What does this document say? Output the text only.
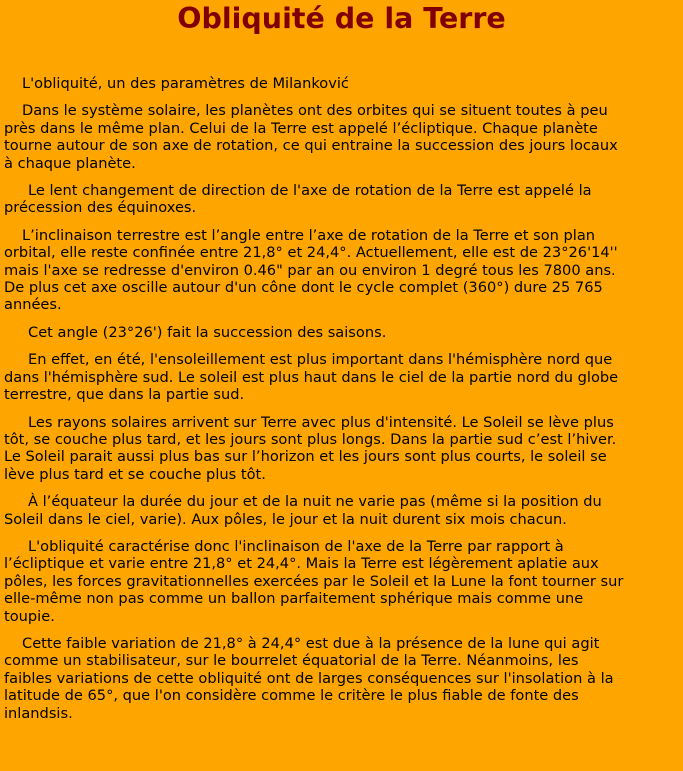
Obliquité de la Terre
L'obliquité, un des paramètres de Milanković
Dans le système solaire, les planètes ont des orbites qui se situent toutes à peu
près dans le même plan. Celui de la Terre est appelé l’écliptique. Chaque planète
tourne autour de son axe de rotation, ce qui entraine la succession des jours locaux
à chaque planète.
Le lent changement de direction de l'axe de rotation de la Terre est appelé la
précession des équinoxes.
L’inclinaison terrestre est l’angle entre l’axe de rotation de la Terre et son plan
orbital, elle reste confinée entre 21,8° et 24,4°. Actuellement, elle est de 23°26'14''
mais l'axe se redresse d'environ 0.46" par an ou environ 1 degré tous les 7800 ans.
De plus cet axe oscille autour d'un cône dont le cycle complet (360°) dure 25 765
années.
Cet angle (23°26') fait la succession des saisons.
En effet, en été, l'ensoleillement est plus important dans l'hémisphère nord que
dans l'hémisphère sud. Le soleil est plus haut dans le ciel de la partie nord du globe
terrestre, que dans la partie sud.
Les rayons solaires arrivent sur Terre avec plus d'intensité. Le Soleil se lève plus
tôt, se couche plus tard, et les jours sont plus longs. Dans la partie sud c’est l’hiver.
Le Soleil parait aussi plus bas sur l’horizon et les jours sont plus courts, le soleil se
lève plus tard et se couche plus tôt.
À l’équateur la durée du jour et de la nuit ne varie pas (même si la position du
Soleil dans le ciel, varie). Aux pôles, le jour et la nuit durent six mois chacun.
L'obliquité caractérise donc l'inclinaison de l'axe de la Terre par rapport à
l’écliptique et varie entre 21,8° et 24,4°. Mais la Terre est légèrement aplatie aux
pôles, les forces gravitationnelles exercées par le Soleil et la Lune la font tourner sur
elle-même non pas comme un ballon parfaitement sphérique mais comme une
toupie.
Cette faible variation de 21,8° à 24,4° est due à la présence de la lune qui agit
comme un stabilisateur, sur le bourrelet équatorial de la Terre. Néanmoins, les
faibles variations de cette obliquité ont de larges conséquences sur l'insolation à la
latitude de 65°, que l'on considère comme le critère le plus fiable de fonte des
inlandsis.
